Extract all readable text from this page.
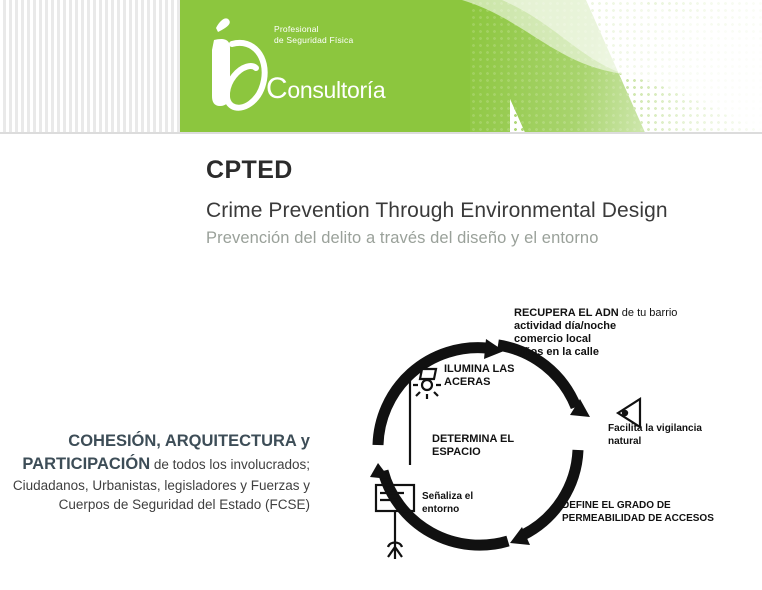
Profesional
de Seguridad Física
Consultoría
CPTED

Crime Prevention Through Environmental Design

Prevención del delito a través del diseño y el entorno

COHESIÓN, ARQUITECTURA y PARTICIPACIÓN de todos los involucrados; Ciudadanos, Urbanistas, legisladores y Fuerzas y Cuerpos de Seguridad del Estado (FCSE)
RECUPERA EL ADN de tu barrio
actividad día/noche
comercio local
niños en la calle
ILUMINA LAS ACERAS
DETERMINA EL ESPACIO
Facilita la vigilancia natural
DEFINE EL GRADO DE PERMEABILIDAD DE ACCESOS
Señaliza el entorno
